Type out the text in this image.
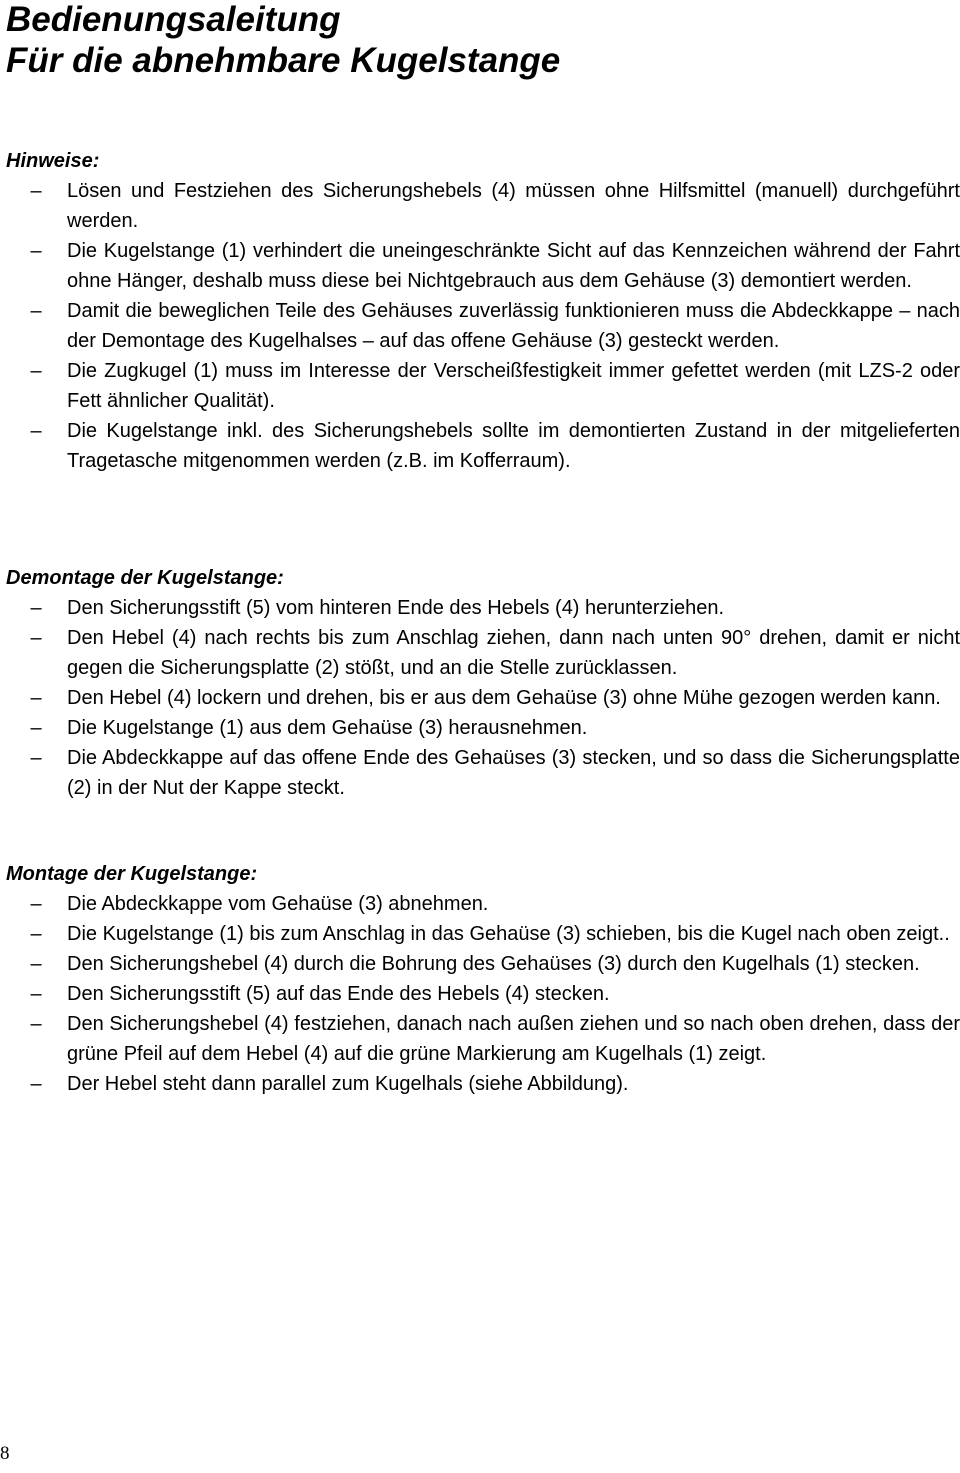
Bedienungsaleitung
Für die abnehmbare Kugelstange
Hinweise:
– Lösen und Festziehen des Sicherungshebels (4) müssen ohne Hilfsmittel (manuell) durchgeführt werden.
– Die Kugelstange (1) verhindert die uneingeschränkte Sicht auf das Kennzeichen während der Fahrt ohne Hänger, deshalb muss diese bei Nichtgebrauch aus dem Gehäuse (3) demontiert werden.
– Damit die beweglichen Teile des Gehäuses zuverlässig funktionieren muss die Abdeckkappe – nach der Demontage des Kugelhalses – auf das offene Gehäuse (3) gesteckt werden.
– Die Zugkugel (1) muss im Interesse der Verscheißfestigkeit immer gefettet werden (mit LZS-2 oder Fett ähnlicher Qualität).
– Die Kugelstange inkl. des Sicherungshebels sollte im demontierten Zustand in der mitgelieferten Tragetasche mitgenommen werden (z.B. im Kofferraum).
Demontage der Kugelstange:
– Den Sicherungsstift (5) vom hinteren Ende des Hebels (4) herunterziehen.
– Den Hebel (4) nach rechts bis zum Anschlag ziehen, dann nach unten 90° drehen, damit er nicht gegen die Sicherungsplatte (2) stößt, und an die Stelle zurücklassen.
– Den Hebel (4) lockern und drehen, bis er aus dem Gehaüse (3) ohne Mühe gezogen werden kann.
– Die Kugelstange (1) aus dem Gehaüse (3) herausnehmen.
– Die Abdeckkappe auf das offene Ende des Gehaüses (3) stecken, und so dass die Sicherungsplatte (2) in der Nut der Kappe steckt.
Montage der Kugelstange:
– Die Abdeckkappe vom Gehaüse (3) abnehmen.
– Die Kugelstange (1) bis zum Anschlag in das Gehaüse (3) schieben, bis die Kugel nach oben zeigt..
– Den Sicherungshebel (4) durch die Bohrung des Gehaüses (3) durch den Kugelhals (1) stecken.
– Den Sicherungsstift (5) auf das Ende des Hebels (4) stecken.
– Den Sicherungshebel (4) festziehen, danach nach außen ziehen und so nach oben drehen, dass der grüne Pfeil auf dem Hebel (4) auf die grüne Markierung am Kugelhals (1) zeigt.
– Der Hebel steht dann parallel zum Kugelhals (siehe Abbildung).
8
